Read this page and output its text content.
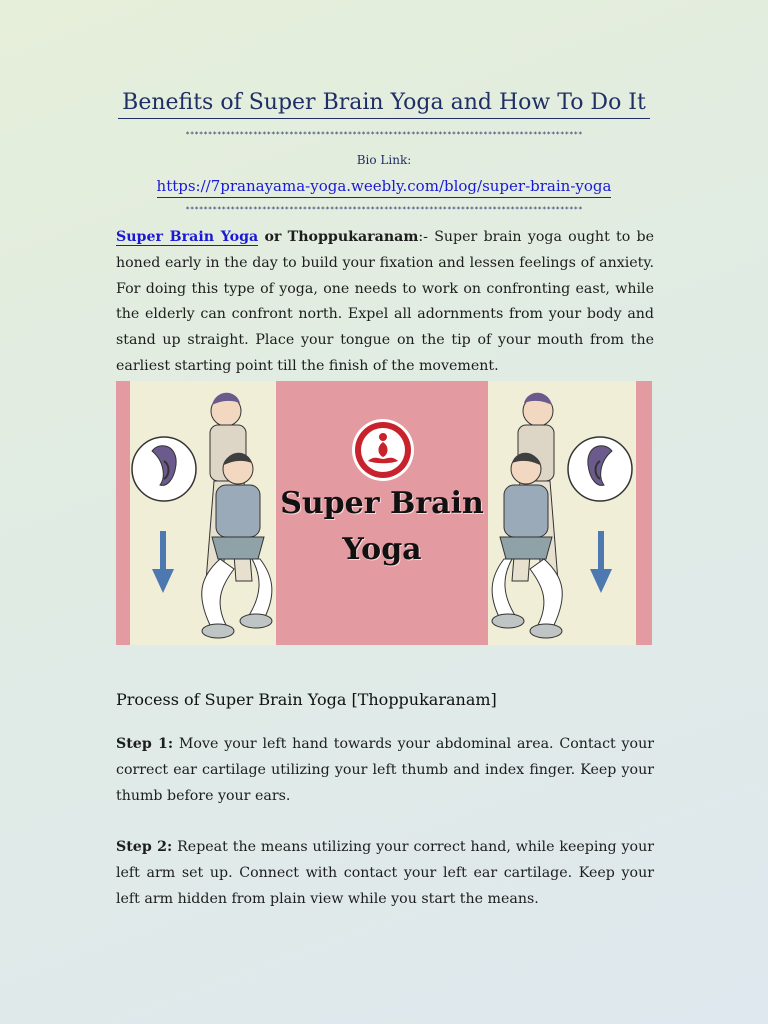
Benefits of Super Brain Yoga and How To Do It
∗∗∗∗∗∗∗∗∗∗∗∗∗∗∗∗∗∗∗∗∗∗∗∗∗∗∗∗∗∗∗∗∗∗∗∗∗∗∗∗∗∗∗∗∗∗∗∗∗∗∗∗∗∗∗∗∗∗∗∗∗∗∗∗∗∗∗∗∗∗∗∗∗∗∗∗∗∗∗∗∗∗∗∗∗∗∗∗
Bio Link:
https://7pranayama-yoga.weebly.com/blog/super-brain-yoga
∗∗∗∗∗∗∗∗∗∗∗∗∗∗∗∗∗∗∗∗∗∗∗∗∗∗∗∗∗∗∗∗∗∗∗∗∗∗∗∗∗∗∗∗∗∗∗∗∗∗∗∗∗∗∗∗∗∗∗∗∗∗∗∗∗∗∗∗∗∗∗∗∗∗∗∗∗∗∗∗∗∗∗∗∗∗∗∗
Super Brain Yoga or Thoppukaranam:- Super brain yoga ought to be honed early in the day to build your fixation and lessen feelings of anxiety. For doing this type of yoga, one needs to work on confronting east, while the elderly can confront north. Expel all adornments from your body and stand up straight. Place your tongue on the tip of your mouth from the earliest starting point till the finish of the movement.
Super Brain
Yoga
Process of Super Brain Yoga [Thoppukaranam]
Step 1: Move your left hand towards your abdominal area. Contact your correct ear cartilage utilizing your left thumb and index finger. Keep your thumb before your ears.
Step 2: Repeat the means utilizing your correct hand, while keeping your left arm set up. Connect with contact your left ear cartilage. Keep your left arm hidden from plain view while you start the means.
